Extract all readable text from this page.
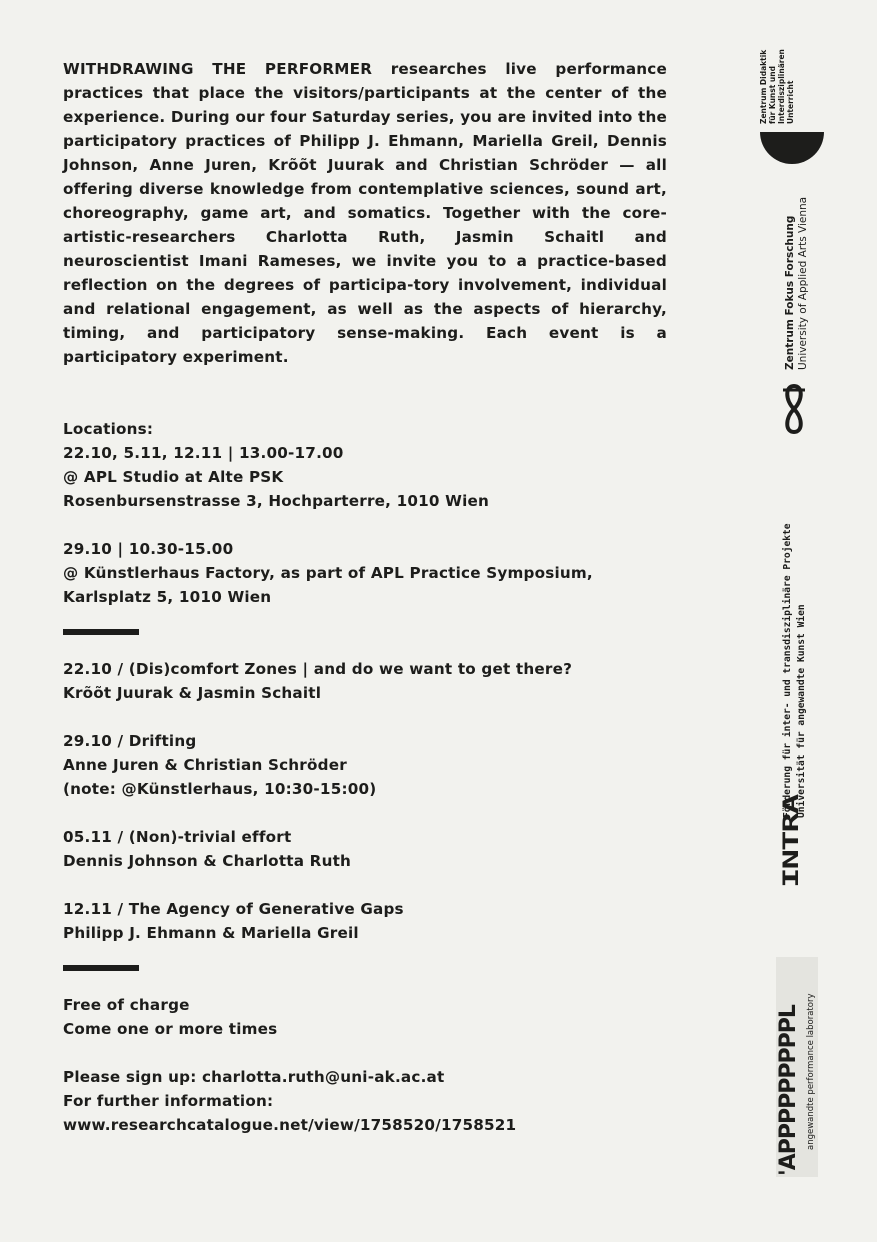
WITHDRAWING THE PERFORMER researches live performance practices that place the visitors/participants at the center of the experience. During our four Saturday series, you are invited into the participatory practices of Philipp J. Ehmann, Mariella Greil, Dennis Johnson, Anne Juren, Krõõt Juurak and Christian Schröder — all offering diverse knowledge from contemplative sciences, sound art, choreography, game art, and somatics. Together with the core-artistic-researchers Charlotta Ruth, Jasmin Schaitl and neuroscientist Imani Rameses, we invite you to a practice-based reflection on the degrees of participa-tory involvement, individual and relational engagement, as well as the aspects of hierarchy, timing, and participatory sense-making. Each event is a participatory experiment.

Locations:
22.10, 5.11, 12.11 | 13.00-17.00
@ APL Studio at Alte PSK
Rosenbursenstrasse 3, Hochparterre, 1010 Wien
29.10 | 10.30-15.00
@ Künstlerhaus Factory, as part of APL Practice Symposium,
Karlsplatz 5, 1010 Wien
22.10 / (Dis)comfort Zones | and do we want to get there?
Krõõt Juurak & Jasmin Schaitl
29.10 / Drifting
Anne Juren & Christian Schröder
(note: @Künstlerhaus, 10:30-15:00)
05.11 / (Non)-trivial effort
Dennis Johnson & Charlotta Ruth
12.11 / The Agency of Generative Gaps
Philipp J. Ehmann & Mariella Greil
Free of charge
Come one or more times
Please sign up: charlotta.ruth@uni-ak.ac.at
For further information:
www.researchcatalogue.net/view/1758520/1758521
Zentrum Didaktik für Kunst und Interdisziplinären Unterricht
Zentrum Fokus Forschung University of Applied Arts Vienna
INTRA
Förderung für inter- und transdisziplinäre Projekte Universität für angewandte Kunst Wien
'APPPPPPPPPL angewandte performance laboratory
